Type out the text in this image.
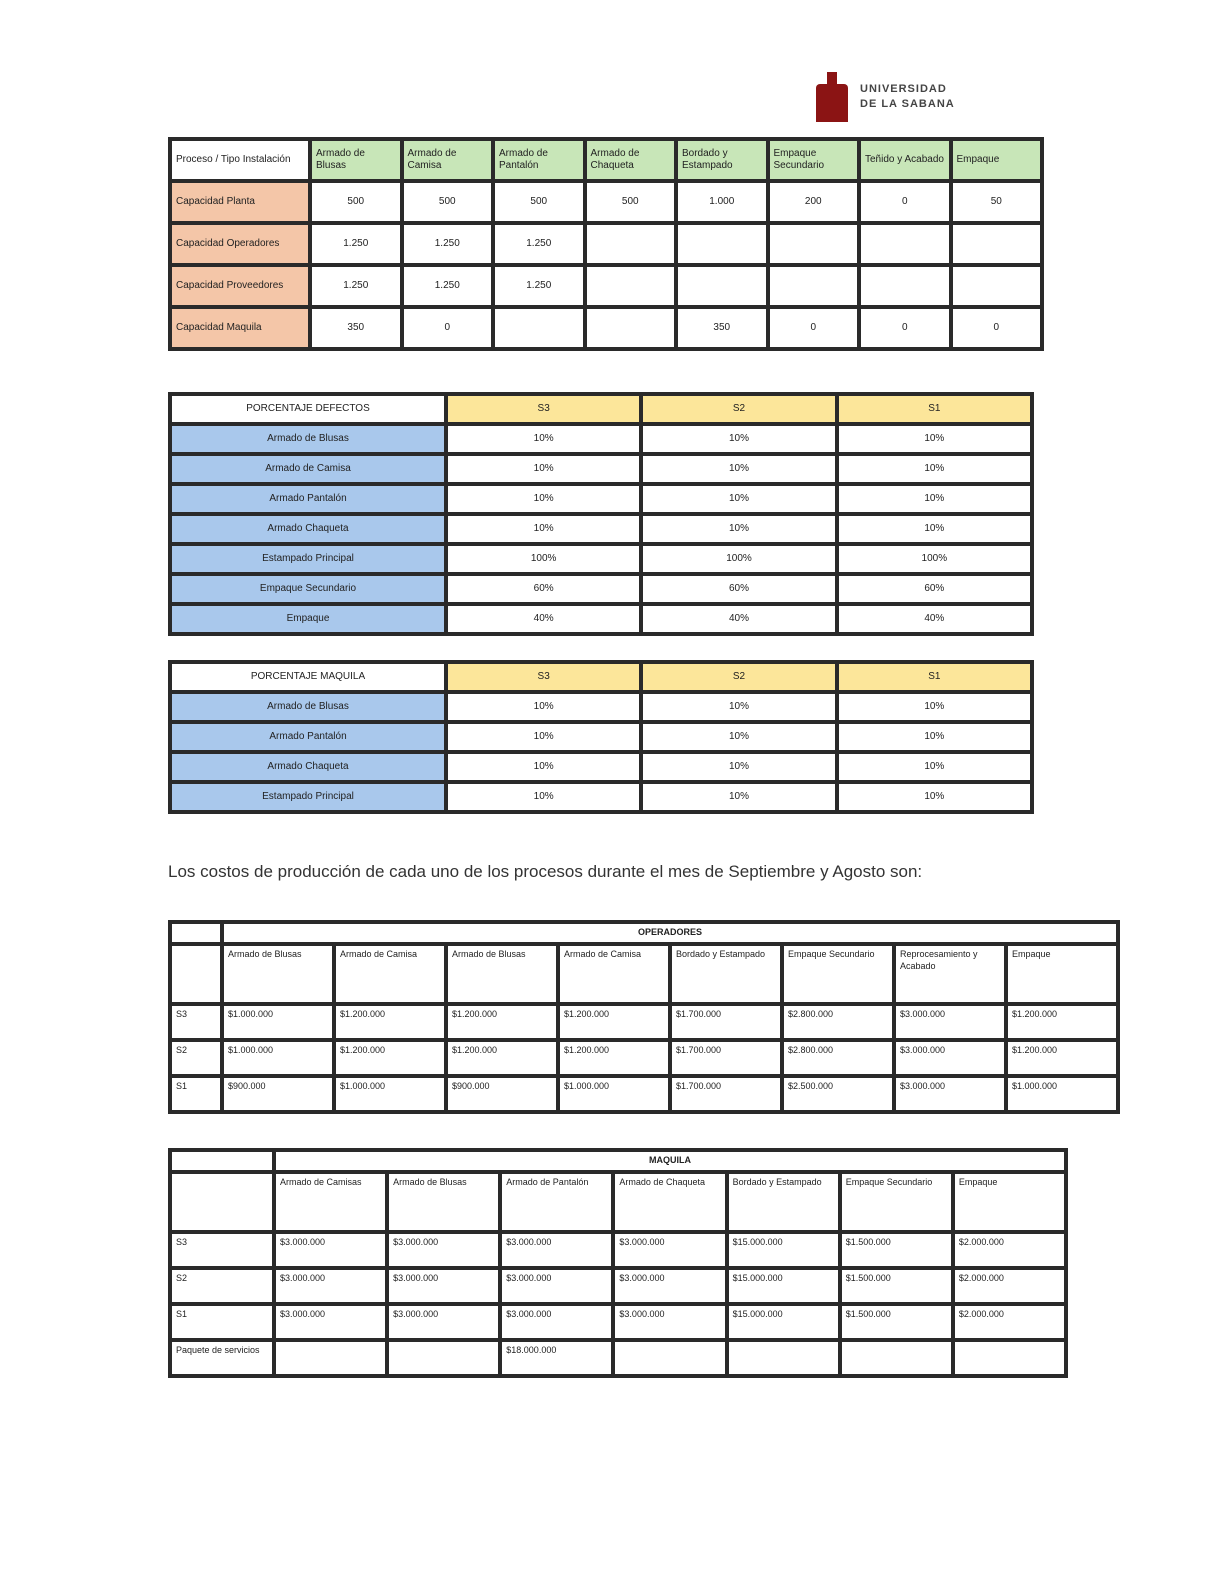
UNIVERSIDAD
DE LA SABANA
Proceso / Tipo Instalación	Armado de Blusas	Armado de Camisa	Armado de Pantalón	Armado de Chaqueta	Bordado y Estampado	Empaque Secundario	Teñido y Acabado	Empaque
Capacidad Planta	500	500	500	500	1.000	200	0	50
Capacidad Operadores	1.250	1.250	1.250					
Capacidad Proveedores	1.250	1.250	1.250					
Capacidad Maquila	350	0			350	0	0	0
PORCENTAJE DEFECTOS	S3	S2	S1
Armado de Blusas	10%	10%	10%
Armado de Camisa	10%	10%	10%
Armado Pantalón	10%	10%	10%
Armado Chaqueta	10%	10%	10%
Estampado Principal	100%	100%	100%
Empaque Secundario	60%	60%	60%
Empaque	40%	40%	40%
PORCENTAJE MAQUILA	S3	S2	S1
Armado de Blusas	10%	10%	10%
Armado Pantalón	10%	10%	10%
Armado Chaqueta	10%	10%	10%
Estampado Principal	10%	10%	10%

Los costos de producción de cada uno de los procesos durante el mes de Septiembre y Agosto son:

	OPERADORES							
	Armado de Blusas	Armado de Camisa	Armado de Blusas	Armado de Camisa	Bordado y Estampado	Empaque Secundario	Reprocesamiento y Acabado	Empaque
S3	$1.000.000	$1.200.000	$1.200.000	$1.200.000	$1.700.000	$2.800.000	$3.000.000	$1.200.000
S2	$1.000.000	$1.200.000	$1.200.000	$1.200.000	$1.700.000	$2.800.000	$3.000.000	$1.200.000
S1	$900.000	$1.000.000	$900.000	$1.000.000	$1.700.000	$2.500.000	$3.000.000	$1.000.000
	MAQUILA						
	Armado de Camisas	Armado de Blusas	Armado de Pantalón	Armado de Chaqueta	Bordado y Estampado	Empaque Secundario	Empaque
S3	$3.000.000	$3.000.000	$3.000.000	$3.000.000	$15.000.000	$1.500.000	$2.000.000
S2	$3.000.000	$3.000.000	$3.000.000	$3.000.000	$15.000.000	$1.500.000	$2.000.000
S1	$3.000.000	$3.000.000	$3.000.000	$3.000.000	$15.000.000	$1.500.000	$2.000.000
Paquete de servicios			$18.000.000				
